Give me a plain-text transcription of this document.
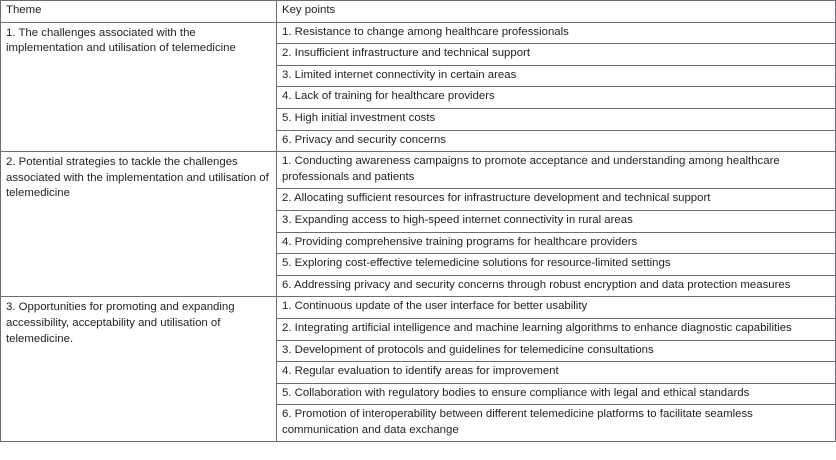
Theme	Key points
1. The challenges associated with the implementation and utilisation of telemedicine	1. Resistance to change among healthcare professionals
	2. Insufficient infrastructure and technical support
	3. Limited internet connectivity in certain areas
	4. Lack of training for healthcare providers
	5. High initial investment costs
	6. Privacy and security concerns
2. Potential strategies to tackle the challenges associated with the implementation and utilisation of telemedicine	1. Conducting awareness campaigns to promote acceptance and understanding among healthcare professionals and patients
	2. Allocating sufficient resources for infrastructure development and technical support
	3. Expanding access to high-speed internet connectivity in rural areas
	4. Providing comprehensive training programs for healthcare providers
	5. Exploring cost-effective telemedicine solutions for resource-limited settings
	6. Addressing privacy and security concerns through robust encryption and data protection measures
3. Opportunities for promoting and expanding accessibility, acceptability and utilisation of telemedicine.	1. Continuous update of the user interface for better usability
	2. Integrating artificial intelligence and machine learning algorithms to enhance diagnostic capabilities
	3. Development of protocols and guidelines for telemedicine consultations
	4. Regular evaluation to identify areas for improvement
	5. Collaboration with regulatory bodies to ensure compliance with legal and ethical standards
	6. Promotion of interoperability between different telemedicine platforms to facilitate seamless communication and data exchange
